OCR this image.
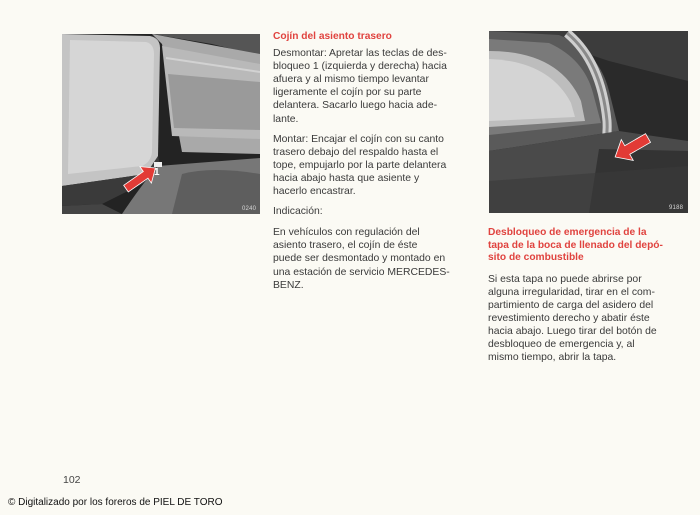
0240
1
Cojín del asiento trasero
Desmontar: Apretar las teclas de des-
bloqueo 1 (izquierda y derecha) hacia
afuera y al mismo tiempo levantar
ligeramente el cojín por su parte
delantera. Sacarlo luego hacia ade-
lante.
Montar: Encajar el cojín con su canto
trasero debajo del respaldo hasta el
tope, empujarlo por la parte delantera
hacia abajo hasta que asiente y
hacerlo encastrar.
Indicación:
En vehículos con regulación del
asiento trasero, el cojín de éste
puede ser desmontado y montado en
una estación de servicio MERCEDES-
BENZ.
9188
Desbloqueo de emergencia de la
tapa de la boca de llenado del depó-
sito de combustible
Si esta tapa no puede abrirse por
alguna irregularidad, tirar en el com-
partimiento de carga del asidero del
revestimiento derecho y abatir éste
hacia abajo. Luego tirar del botón de
desbloqueo de emergencia y, al
mismo tiempo, abrir la tapa.
102
© Digitalizado por los foreros de PIEL DE TORO
